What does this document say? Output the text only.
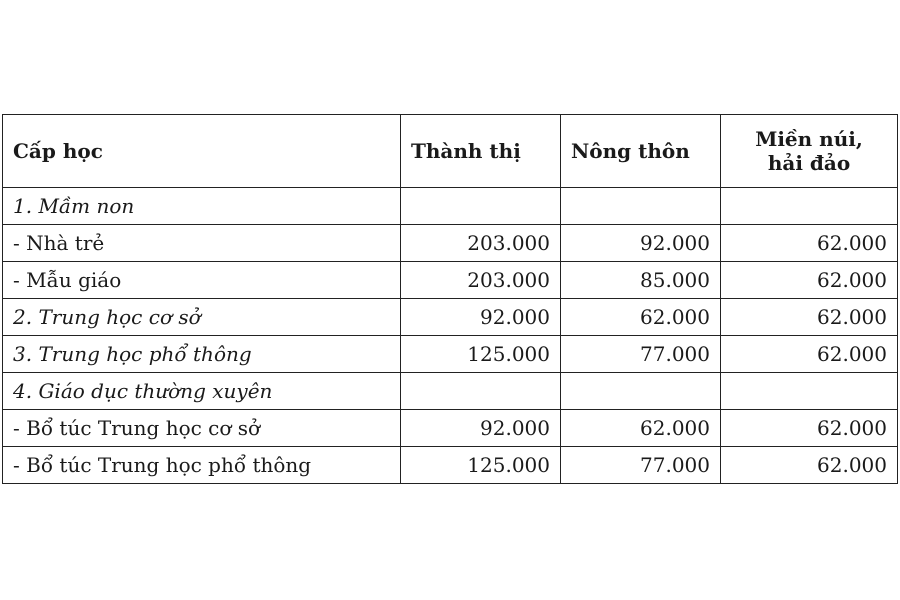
Cấp học	Thành thị	Nông thôn	Miền núi,
hải đảo
1. Mầm non			
- Nhà trẻ	203.000	92.000	62.000
- Mẫu giáo	203.000	85.000	62.000
2. Trung học cơ sở	92.000	62.000	62.000
3. Trung học phổ thông	125.000	77.000	62.000
4. Giáo dục thường xuyên			
- Bổ túc Trung học cơ sở	92.000	62.000	62.000
- Bổ túc Trung học phổ thông	125.000	77.000	62.000
